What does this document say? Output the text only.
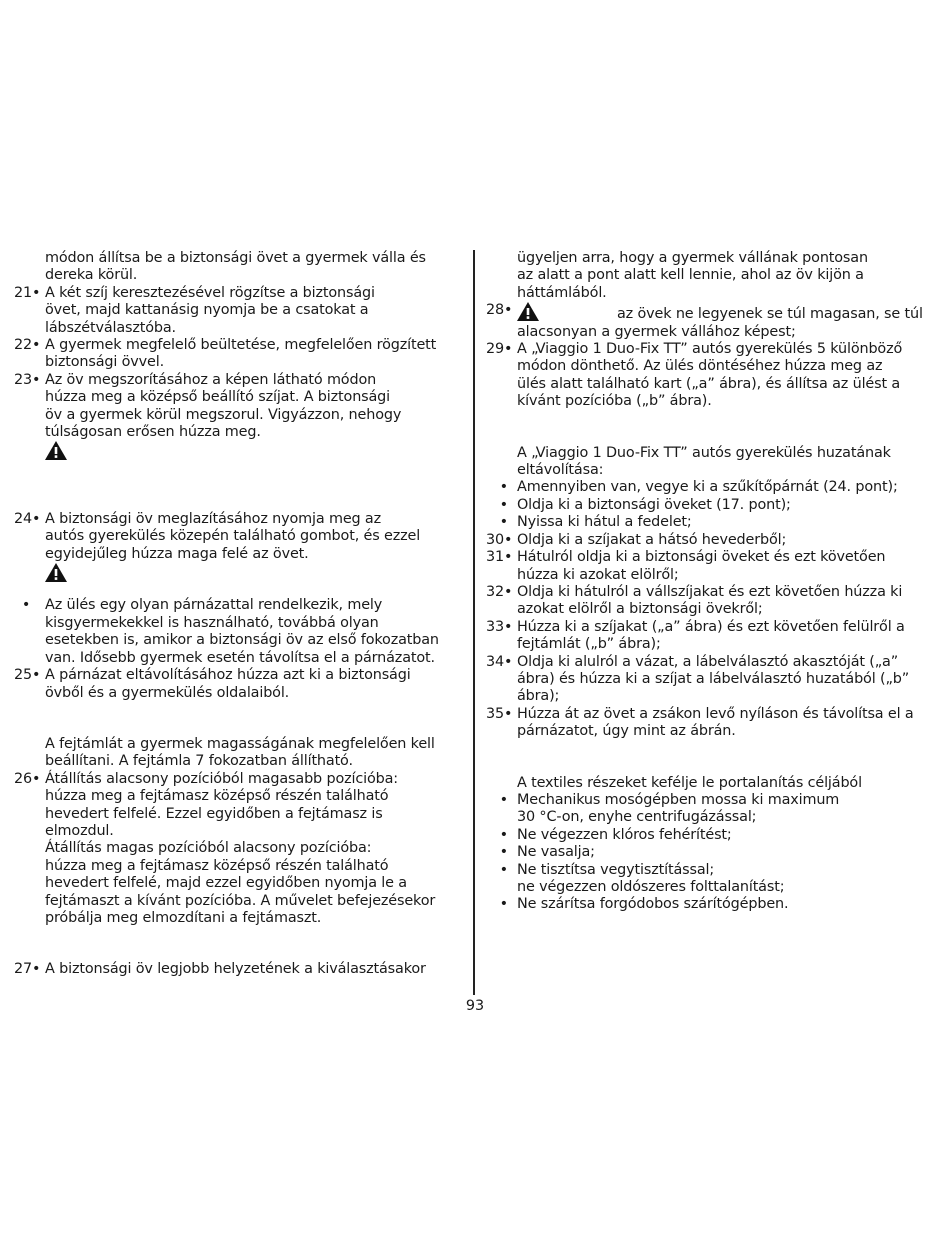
módon állítsa be a biztonsági övet a gyermek válla és
dereka körül.
21• A két szíj keresztezésével rögzítse a biztonsági
övet, majd kattanásig nyomja be a csatokat a
lábszétválasztóba.
22• A gyermek megfelelő beültetése, megfelelően rögzített
biztonsági övvel.
23• Az öv megszorításához a képen látható módon
húzza meg a középső beállító szíjat. A biztonsági
öv a gyermek körül megszorul. Vigyázzon, nehogy
túlságosan erősen húzza meg.
24• A biztonsági öv meglazításához nyomja meg az
autós gyerekülés közepén található gombot, és ezzel
egyidejűleg húzza maga felé az övet.
•	Az ülés egy olyan párnázattal rendelkezik, mely
kisgyermekekkel is használható, továbbá olyan
esetekben is, amikor a biztonsági öv az első fokozatban
van. Idősebb gyermek esetén távolítsa el a párnázatot.
25• A párnázat eltávolításához húzza azt ki a biztonsági
övből és a gyermekülés oldalaiból.
A fejtámlát a gyermek magasságának megfelelően kell
beállítani. A fejtámla 7 fokozatban állítható.
26• Átállítás alacsony pozícióból magasabb pozícióba:
húzza meg a fejtámasz középső részén található
hevedert felfelé. Ezzel egyidőben a fejtámasz is
elmozdul.
Átállítás magas pozícióból alacsony pozícióba:
húzza meg a fejtámasz középső részén található
hevedert felfelé, majd ezzel egyidőben nyomja le a
fejtámaszt a kívánt pozícióba. A művelet befejezésekor
próbálja meg elmozdítani a fejtámaszt.
27• A biztonsági öv legjobb helyzetének a kiválasztásakor
ügyeljen arra, hogy a gyermek vállának pontosan
az alatt a pont alatt kell lennie, ahol az öv kijön a
háttámlából.
28•	az övek ne legyenek se túl magasan, se túl
alacsonyan a gyermek vállához képest;
29• A „Viaggio 1 Duo-Fix TT” autós gyerekülés 5 különböző
módon dönthető. Az ülés döntéséhez húzza meg az
ülés alatt található kart („a” ábra), és állítsa az ülést a
kívánt pozícióba („b” ábra).
A „Viaggio 1 Duo-Fix TT” autós gyerekülés huzatának
eltávolítása:
• Amennyiben van, vegye ki a szűkítőpárnát (24. pont);
• Oldja ki a biztonsági öveket (17. pont);
• Nyissa ki hátul a fedelet;
30• Oldja ki a szíjakat a hátsó hevederből;
31• Hátulról oldja ki a biztonsági öveket és ezt követően
húzza ki azokat elölről;
32• Oldja ki hátulról a vállszíjakat és ezt követően húzza ki
azokat elölről a biztonsági övekről;
33• Húzza ki a szíjakat („a” ábra) és ezt követően felülről a
fejtámlát („b” ábra);
34• Oldja ki alulról a vázat, a lábelválasztó akasztóját („a”
ábra) és húzza ki a szíjat a lábelválasztó huzatából („b”
ábra);
35• Húzza át az övet a zsákon levő nyíláson és távolítsa el a
párnázatot, úgy mint az ábrán.
A textiles részeket kefélje le portalanítás céljából
• Mechanikus mosógépben mossa ki maximum
30 °C-on, enyhe centrifugázással;
• Ne végezzen klóros fehérítést;
• Ne vasalja;
• Ne tisztítsa vegytisztítással;
ne végezzen oldószeres folttalanítást;
• Ne szárítsa forgódobos szárítógépben.
93
